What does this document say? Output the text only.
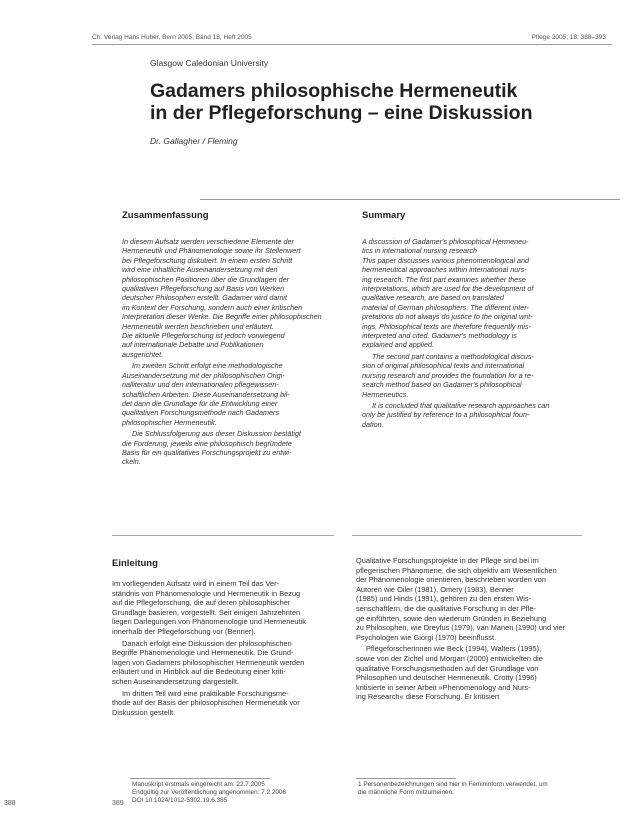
Ch. Verlag Hans Huber, Bern 2005, Band 18, Heft 2005	Pflege 2005; 18: 388–393
Glasgow Caledonian University
Gadamers philosophische Hermeneutik
in der Pflegeforschung – eine Diskussion
Dr. Gallagher / Fleming
Zusammenfassung
In diesem Aufsatz werden verschiedene Elemente der
Hermeneutik und Phänomenologie sowie ihr Stellenwert
bei Pflegeforschung diskutiert. In einem ersten Schritt
wird eine inhaltliche Auseinandersetzung mit den
philosophischen Positionen über die Grundlagen der
qualitativen Pflegeforschung auf Basis von Werken
deutscher Philosophen erstellt. Gadamer wird damit
im Kontext der Forschung, sondern auch einer kritischen
Interpretation dieser Werke. Die Begriffe einer philosophischen
Hermeneutik werden beschrieben und erläutert.
Die aktuelle Pflegeforschung ist jedoch vorwiegend
auf internationale Debatte und Publikationen
ausgerichtet.
Im zweiten Schritt erfolgt eine methodologische
Auseinandersetzung mit der philosophischen Origi-
nalliteratur und den internationalen pflegewissen-
schaftlichen Arbeiten. Diese Auseinandersetzung bil-
det dann die Grundlage für die Entwicklung einer
qualitativen Forschungsmethode nach Gadamers
philosophischer Hermeneutik.
Die Schlussfolgerung aus dieser Diskussion bestätigt
die Forderung, jeweils eine philosophisch begründete
Basis für ein qualitatives Forschungsprojekt zu entwi-
ckeln.
Summary
A discussion of Gadamer's philosophical Hermeneu-
tics in international nursing research
This paper discusses various phenomenological and
hermeneutical approaches within international nurs-
ing research. The first part examines whether these
interpretations, which are used for the development of
qualitative research, are based on translated
material of German philosophers. The different inter-
pretations do not always do justice to the original writ-
ings. Philosophical texts are therefore frequently mis-
interpreted and cited. Gadamer's methodology is
explained and applied.
The second part contains a methodological discus-
sion of original philosophical texts and international
nursing research and provides the foundation for a re-
search method based on Gadamer's philosophical
Hermeneutics.
It is concluded that qualitative research approaches can
only be justified by reference to a philosophical foun-
dation.
Einleitung
Im vorliegenden Aufsatz wird in einem Teil das Ver-
ständnis von Phänomenologie und Hermeneutik in Bezug
auf die Pflegeforschung, die auf deren philosophischer
Grundlage basieren, vorgestellt. Seit einigen Jahrzehnten
liegen Darlegungen von Phänomenologie und Hermeneutik
innerhalb der Pflegeforschung vor (Benner).
Danach erfolgt eine Diskussion der philosophischen
Begriffe Phänomenologie und Hermeneutik. Die Grund-
lagen von Gadamers philosophischer Hermeneutik werden
erläutert und in Hinblick auf die Bedeutung einer kriti-
schen Auseinandersetzung dargestellt.
Im dritten Teil wird eine praktikable Forschungsme-
thode auf der Basis der philosophischen Hermeneutik vor
Diskussion gestellt.
Qualitative Forschungsprojekte in der Pflege sind bei im
pflegerischen Phänomene, die sich objektiv am Wesentlichen
der Phänomenologie orientieren, beschrieben worden von
Autoren wie Oiler (1981), Omery (1983), Benner
(1985) und Hinds (1991), gehören zu den ersten Wis-
senschaftlern, die die qualitative Forschung in der Pfle-
ge einführten, sowie den wiederum Gründen in Beziehung
zu Philosophen, wie Dreyfus (1979), van Manen (1990) und vier
Psychologen wie Giorgi (1970) beeinflusst.
Pflegeforscherinnen wie Beck (1994), Walters (1995),
sowie von der Zichel und Morgan (2000) entwickelten die
qualitative Forschungsmethoden auf der Grundlage von
Philosophen und deutscher Hermeneutik. Crotty (1996)
kritisierte in seiner Arbeit »Phenomenology and Nurs-
ing Research« diese Forschung. Er kritisiert
Manuskript erstmals eingereicht am: 22.7.2005
Endgültig zur Veröffentlichung angenommen: 7.2.2006
DOI 10.1024/1012-5302.19.6.385
1 Personenbezeichnungen sind hier in Femininform verwendet, um
die männliche Form mitzumeinen.
388	389
